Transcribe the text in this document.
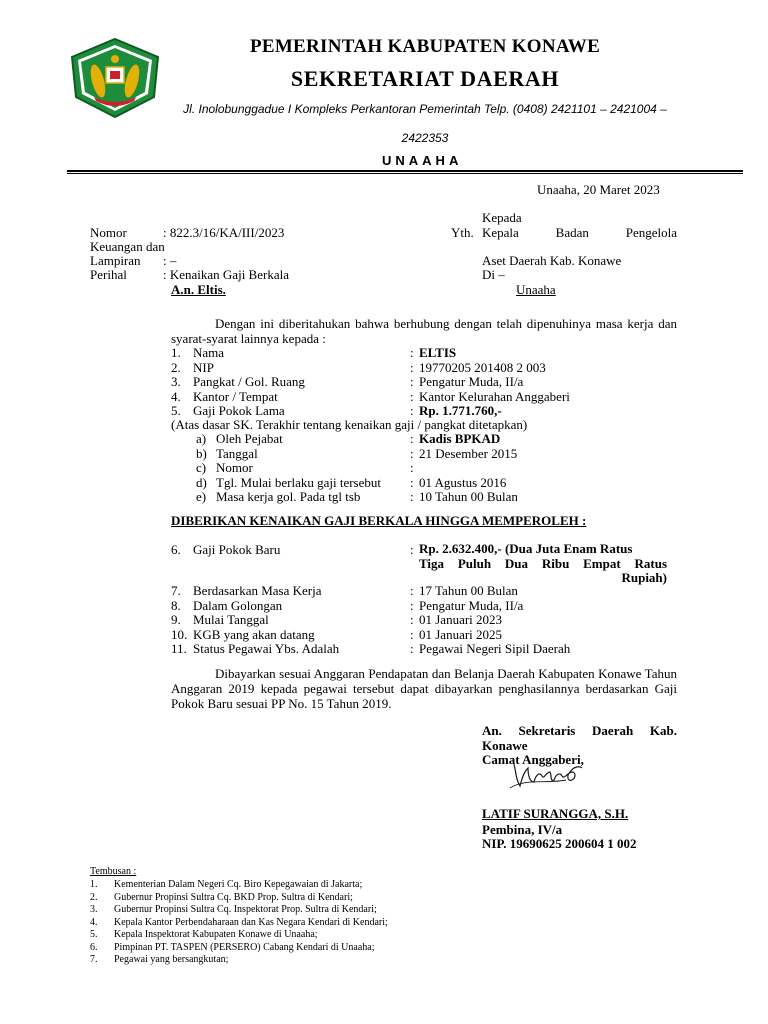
PEMERINTAH KABUPATEN KONAWE
SEKRETARIAT DAERAH
Jl. Inolobunggadue I Kompleks Perkantoran Pemerintah Telp. (0408) 2421101 – 2421004 – 2422353
UNAAHA
Unaaha, 20 Maret 2023
Kepada
Yth. Kepala	Badan	Pengelola
Keuangan dan
Aset Daerah Kab. Konawe
Di –
Unaaha
Nomor	: 822.3/16/KA/III/2023
Lampiran : –
Perihal	: Kenaikan Gaji Berkala
A.n. Eltis.
Dengan ini diberitahukan bahwa berhubung dengan telah dipenuhinya masa kerja dan syarat-syarat lainnya kepada :
1. Nama	: ELTIS
2. NIP	: 19770205 201408 2 003
3. Pangkat / Gol. Ruang	: Pengatur Muda, II/a
4. Kantor / Tempat	: Kantor Kelurahan Anggaberi
5. Gaji Pokok Lama	: Rp. 1.771.760,-
(Atas dasar SK. Terakhir tentang kenaikan gaji / pangkat ditetapkan)
a) Oleh Pejabat	: Kadis BPKAD
b) Tanggal	: 21 Desember 2015
c) Nomor	:
d) Tgl. Mulai berlaku gaji tersebut : 01 Agustus 2016
e) Masa kerja gol. Pada tgl tsb	: 10 Tahun 00 Bulan
DIBERIKAN KENAIKAN GAJI BERKALA HINGGA MEMPEROLEH :
6. Gaji Pokok Baru	: Rp. 2.632.400,- (Dua Juta Enam Ratus
Tiga Puluh Dua Ribu Empat Ratus
Rupiah)
7. Berdasarkan Masa Kerja	: 17 Tahun 00 Bulan
8. Dalam Golongan	: Pengatur Muda, II/a
9. Mulai Tanggal	: 01 Januari 2023
10. KGB yang akan datang	: 01 Januari 2025
11. Status Pegawai Ybs. Adalah	: Pegawai Negeri Sipil Daerah
Dibayarkan sesuai Anggaran Pendapatan dan Belanja Daerah Kabupaten Konawe Tahun Anggaran 2019 kepada pegawai tersebut dapat dibayarkan penghasilannya berdasarkan Gaji Pokok Baru sesuai PP No. 15 Tahun 2019.
An. Sekretaris Daerah Kab.
Konawe
Camat Anggaberi,
LATIF SURANGGA, S.H.
Pembina, IV/a
NIP. 19690625 200604 1 002
Tembusan :
1. Kementerian Dalam Negeri Cq. Biro Kepegawaian di Jakarta;
2. Gubernur Propinsi Sultra Cq. BKD Prop. Sultra di Kendari;
3. Gubernur Propinsi Sultra Cq. Inspektorat Prop. Sultra di Kendari;
4. Kepala Kantor Perbendaharaan dan Kas Negara Kendari di Kendari;
5. Kepala Inspektorat Kabupaten Konawe di Unaaha;
6. Pimpinan PT. TASPEN (PERSERO) Cabang Kendari di Unaaha;
7. Pegawai yang bersangkutan;
